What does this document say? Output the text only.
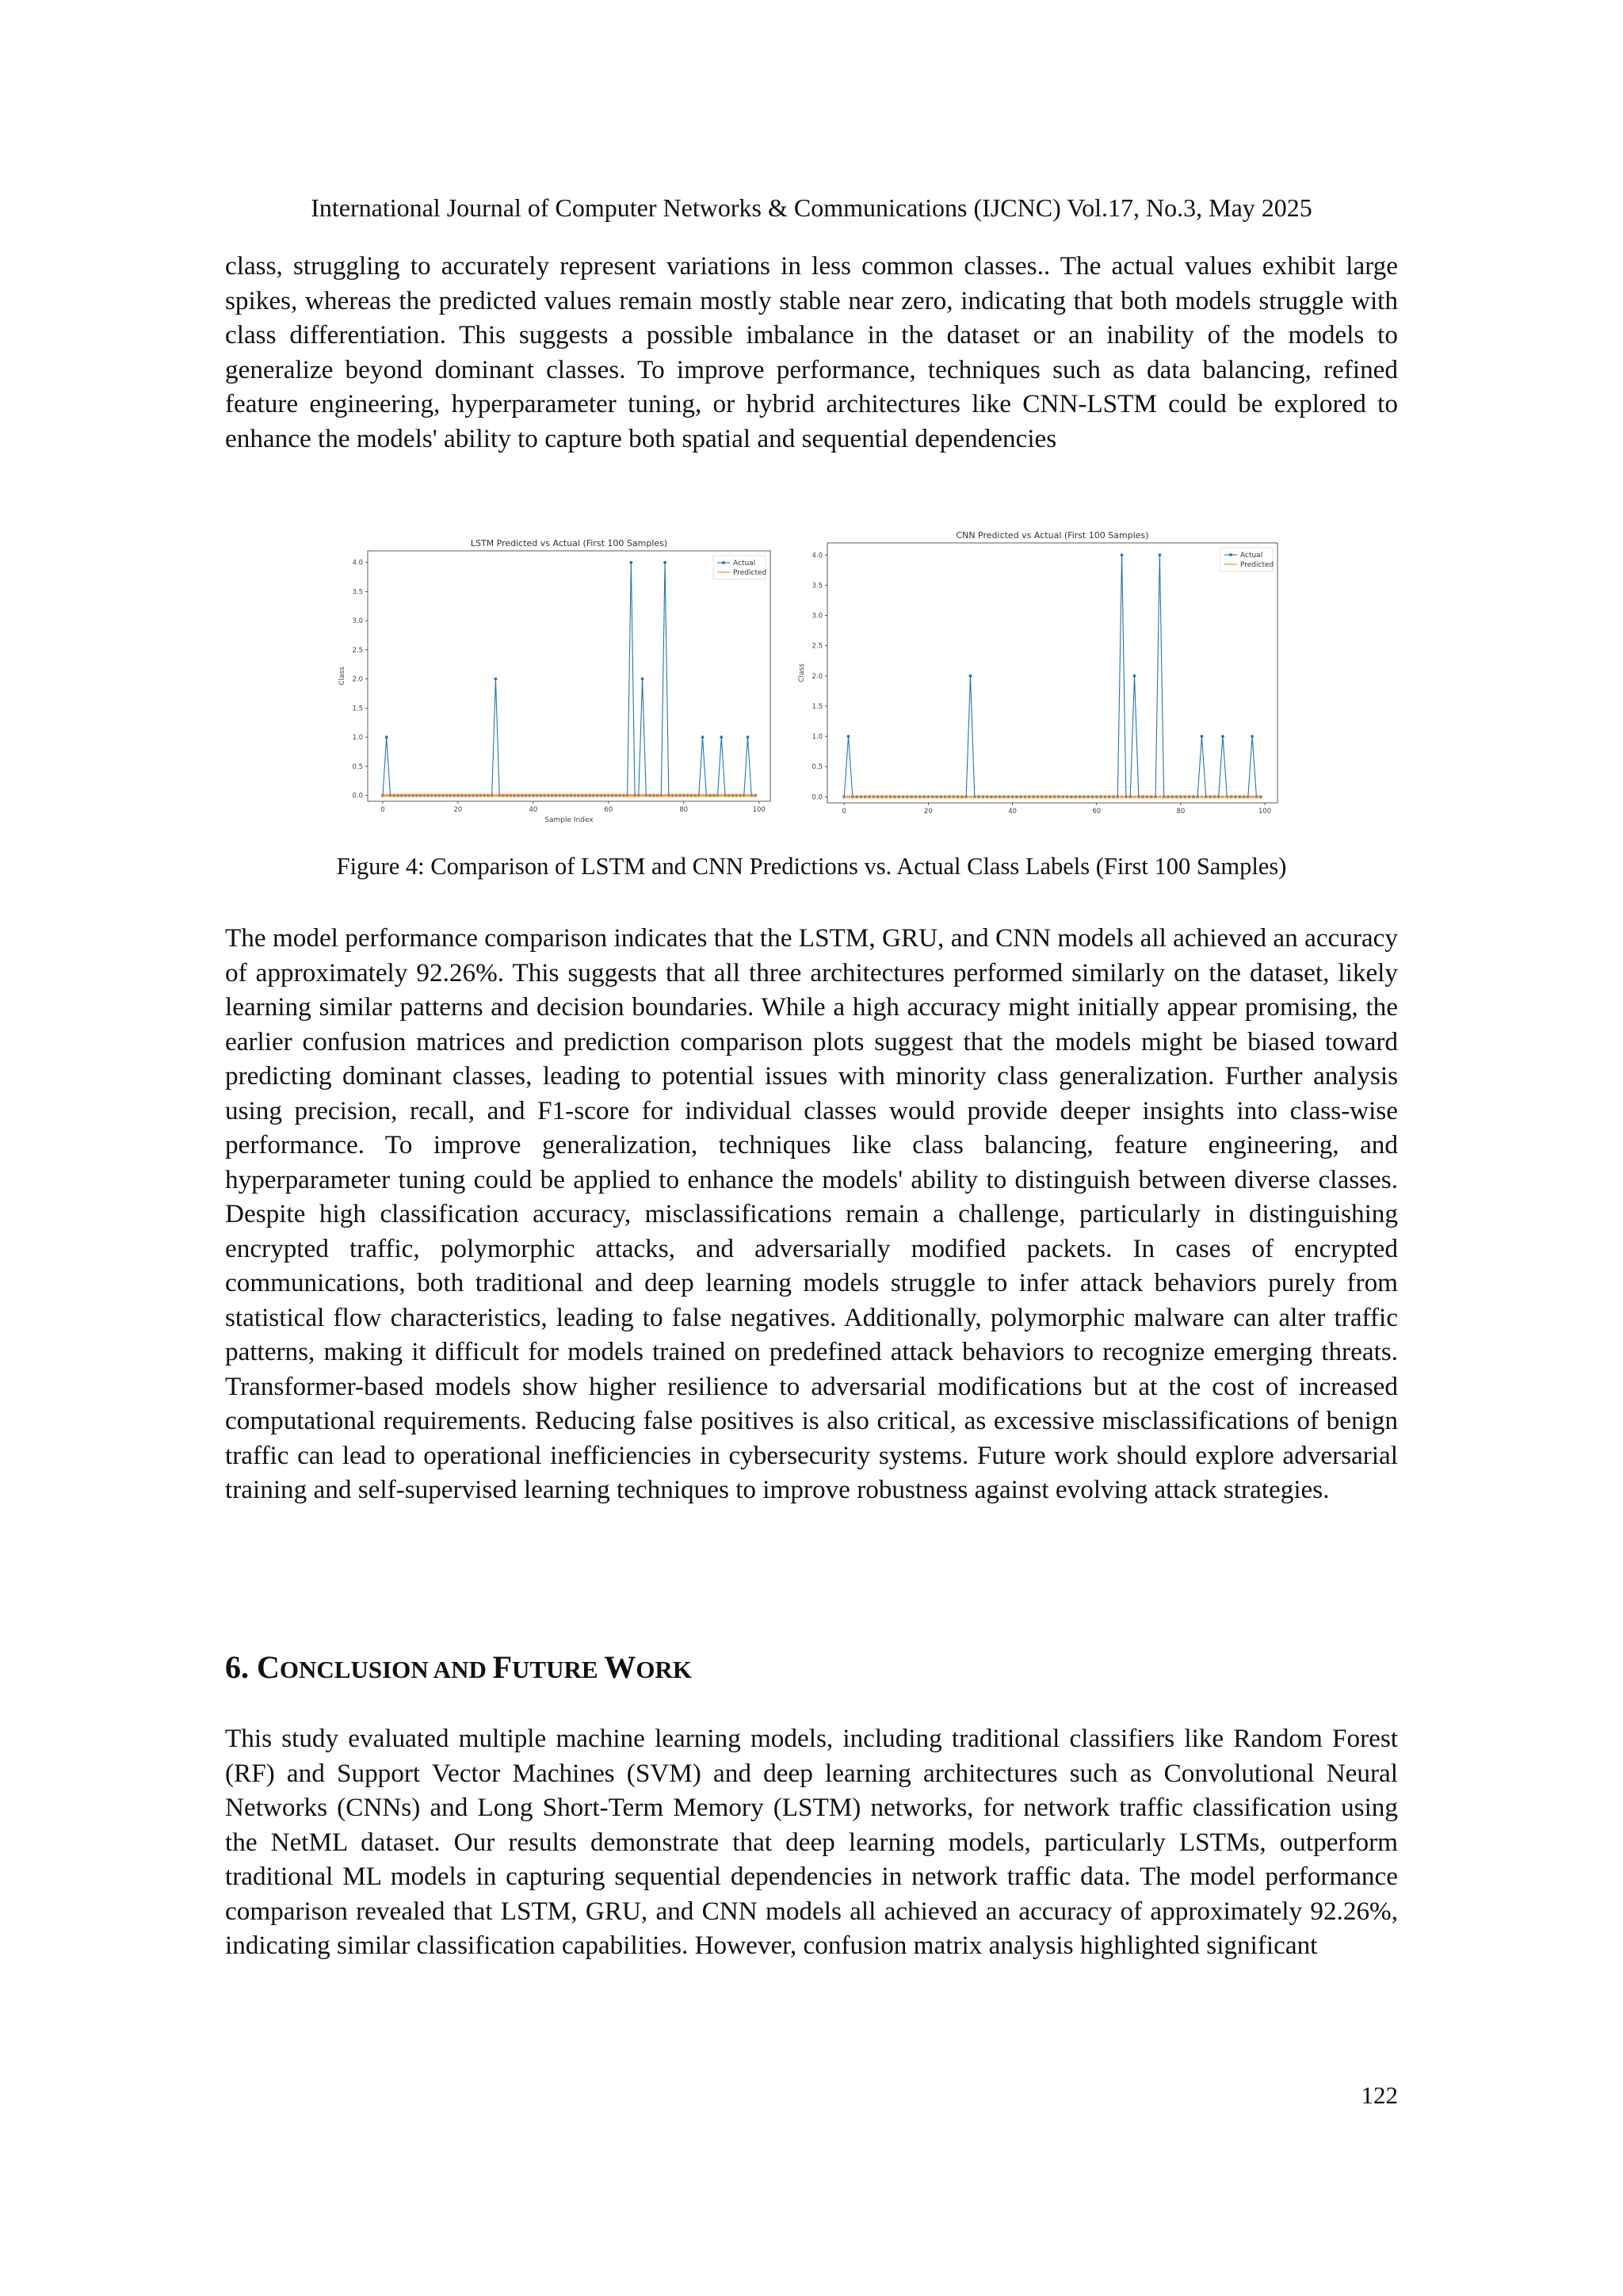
International Journal of Computer Networks & Communications (IJCNC) Vol.17, No.3, May 2025

class, struggling to accurately represent variations in less common classes.. The actual values exhibit large spikes, whereas the predicted values remain mostly stable near zero, indicating that both models struggle with class differentiation. This suggests a possible imbalance in the dataset or an inability of the models to generalize beyond dominant classes. To improve performance, techniques such as data balancing, refined feature engineering, hyperparameter tuning, or hybrid architectures like CNN-LSTM could be explored to enhance the models' ability to capture both spatial and sequential dependencies

LSTM Predicted vs Actual (First 100 Samples)
0.0
0.5
1.0
1.5
2.0
2.5
3.0
3.5
4.0
0	20	40	60	80	100
Sample Index
Class
Actual
Predicted
CNN Predicted vs Actual (First 100 Samples)
0.0
0.5
1.0
1.5
2.0
2.5
3.0
3.5
4.0
0	20	40	60	80	100
Class
Actual
Predicted
Figure 4: Comparison of LSTM and CNN Predictions vs. Actual Class Labels (First 100 Samples)

The model performance comparison indicates that the LSTM, GRU, and CNN models all achieved an accuracy of approximately 92.26%. This suggests that all three architectures performed similarly on the dataset, likely learning similar patterns and decision boundaries. While a high accuracy might initially appear promising, the earlier confusion matrices and prediction comparison plots suggest that the models might be biased toward predicting dominant classes, leading to potential issues with minority class generalization. Further analysis using precision, recall, and F1-score for individual classes would provide deeper insights into class-wise performance. To improve generalization, techniques like class balancing, feature engineering, and hyperparameter tuning could be applied to enhance the models' ability to distinguish between diverse classes. Despite high classification accuracy, misclassifications remain a challenge, particularly in distinguishing encrypted traffic, polymorphic attacks, and adversarially modified packets. In cases of encrypted communications, both traditional and deep learning models struggle to infer attack behaviors purely from statistical flow characteristics, leading to false negatives. Additionally, polymorphic malware can alter traffic patterns, making it difficult for models trained on predefined attack behaviors to recognize emerging threats. Transformer-based models show higher resilience to adversarial modifications but at the cost of increased computational requirements. Reducing false positives is also critical, as excessive misclassifications of benign traffic can lead to operational inefficiencies in cybersecurity systems. Future work should explore adversarial training and self-supervised learning techniques to improve robustness against evolving attack strategies.

6. CONCLUSION AND FUTURE WORK

This study evaluated multiple machine learning models, including traditional classifiers like Random Forest (RF) and Support Vector Machines (SVM) and deep learning architectures such as Convolutional Neural Networks (CNNs) and Long Short-Term Memory (LSTM) networks, for network traffic classification using the NetML dataset. Our results demonstrate that deep learning models, particularly LSTMs, outperform traditional ML models in capturing sequential dependencies in network traffic data. The model performance comparison revealed that LSTM, GRU, and CNN models all achieved an accuracy of approximately 92.26%, indicating similar classification capabilities. However, confusion matrix analysis highlighted significant

122
